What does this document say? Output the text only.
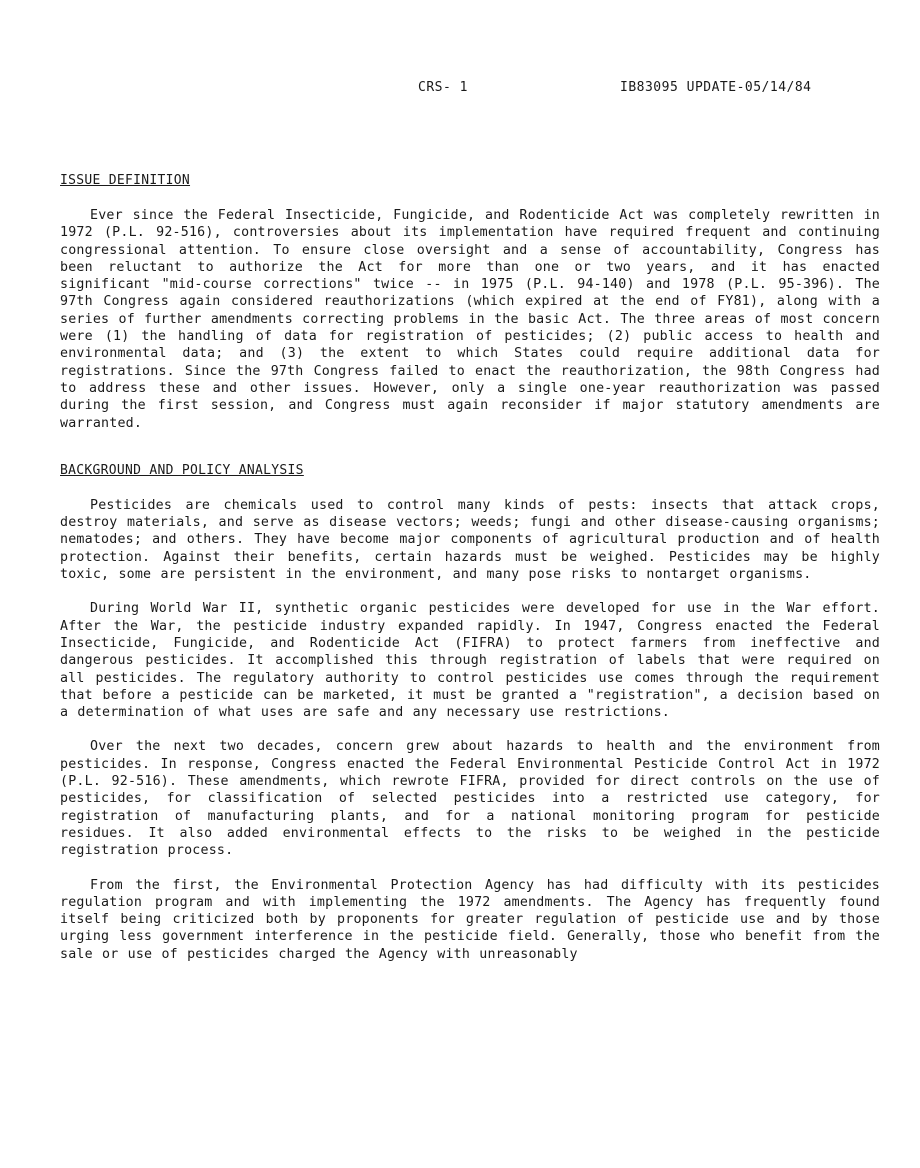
CRS- 1	IB83095 UPDATE-05/14/84
ISSUE DEFINITION

Ever since the Federal Insecticide, Fungicide, and Rodenticide Act was completely rewritten in 1972 (P.L. 92-516), controversies about its implementation have required frequent and continuing congressional attention. To ensure close oversight and a sense of accountability, Congress has been reluctant to authorize the Act for more than one or two years, and it has enacted significant "mid-course corrections" twice -- in 1975 (P.L. 94-140) and 1978 (P.L. 95-396). The 97th Congress again considered reauthorizations (which expired at the end of FY81), along with a series of further amendments correcting problems in the basic Act. The three areas of most concern were (1) the handling of data for registration of pesticides; (2) public access to health and environmental data; and (3) the extent to which States could require additional data for registrations. Since the 97th Congress failed to enact the reauthorization, the 98th Congress had to address these and other issues. However, only a single one-year reauthorization was passed during the first session, and Congress must again reconsider if major statutory amendments are warranted.

BACKGROUND AND POLICY ANALYSIS

Pesticides are chemicals used to control many kinds of pests: insects that attack crops, destroy materials, and serve as disease vectors; weeds; fungi and other disease-causing organisms; nematodes; and others. They have become major components of agricultural production and of health protection. Against their benefits, certain hazards must be weighed. Pesticides may be highly toxic, some are persistent in the environment, and many pose risks to nontarget organisms.

During World War II, synthetic organic pesticides were developed for use in the War effort. After the War, the pesticide industry expanded rapidly. In 1947, Congress enacted the Federal Insecticide, Fungicide, and Rodenticide Act (FIFRA) to protect farmers from ineffective and dangerous pesticides. It accomplished this through registration of labels that were required on all pesticides. The regulatory authority to control pesticides use comes through the requirement that before a pesticide can be marketed, it must be granted a "registration", a decision based on a determination of what uses are safe and any necessary use restrictions.

Over the next two decades, concern grew about hazards to health and the environment from pesticides. In response, Congress enacted the Federal Environmental Pesticide Control Act in 1972 (P.L. 92-516). These amendments, which rewrote FIFRA, provided for direct controls on the use of pesticides, for classification of selected pesticides into a restricted use category, for registration of manufacturing plants, and for a national monitoring program for pesticide residues. It also added environmental effects to the risks to be weighed in the pesticide registration process.

From the first, the Environmental Protection Agency has had difficulty with its pesticides regulation program and with implementing the 1972 amendments. The Agency has frequently found itself being criticized both by proponents for greater regulation of pesticide use and by those urging less government interference in the pesticide field. Generally, those who benefit from the sale or use of pesticides charged the Agency with unreasonably
